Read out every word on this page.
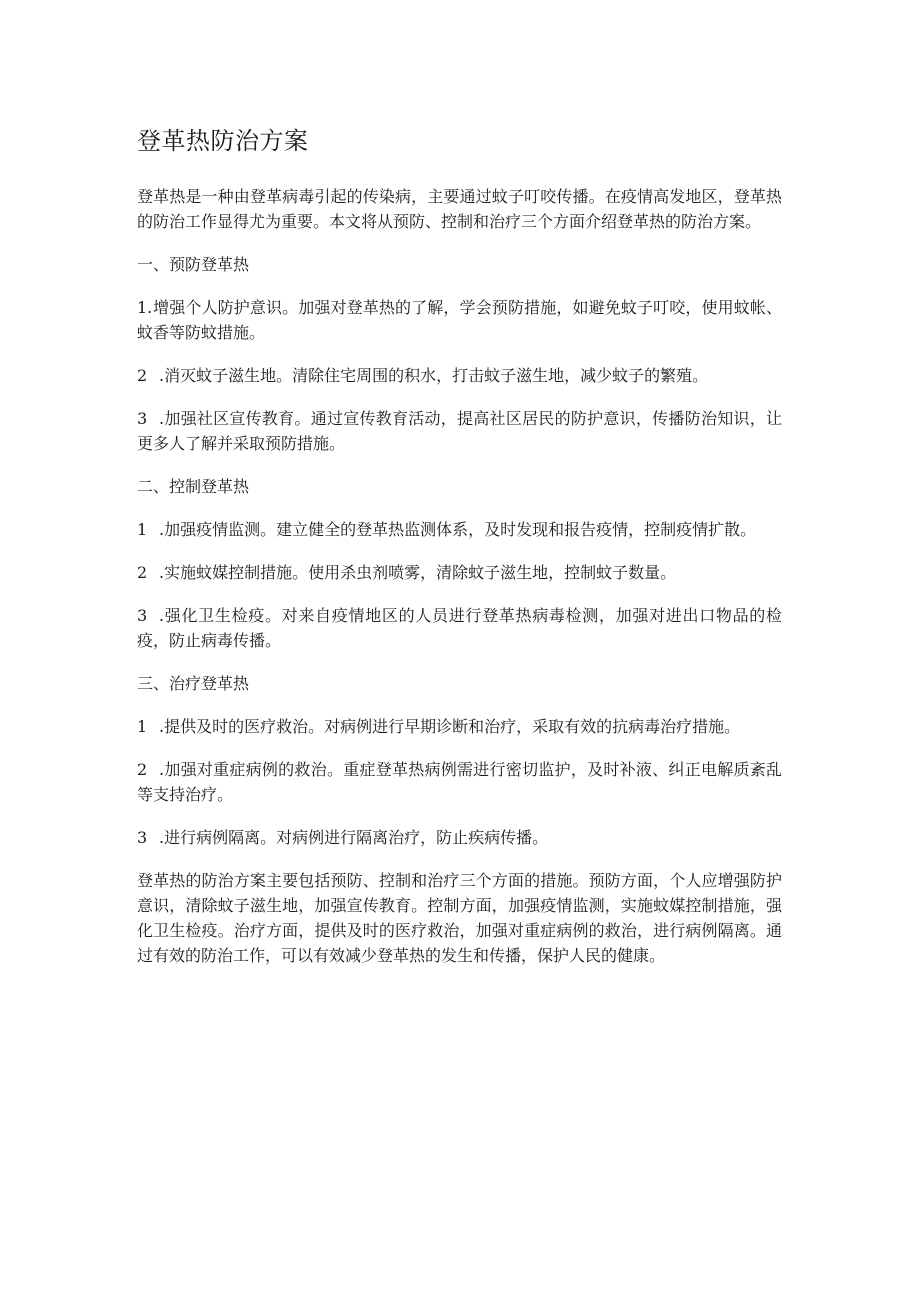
登革热防治方案

登革热是一种由登革病毒引起的传染病，主要通过蚊子叮咬传播。在疫情高发地区，登革热的防治工作显得尤为重要。本文将从预防、控制和治疗三个方面介绍登革热的防治方案。

一、预防登革热

1.增强个人防护意识。加强对登革热的了解，学会预防措施，如避免蚊子叮咬，使用蚊帐、蚊香等防蚊措施。

2 .消灭蚊子滋生地。清除住宅周围的积水，打击蚊子滋生地，减少蚊子的繁殖。

3 .加强社区宣传教育。通过宣传教育活动，提高社区居民的防护意识，传播防治知识，让更多人了解并采取预防措施。

二、控制登革热

1 .加强疫情监测。建立健全的登革热监测体系，及时发现和报告疫情，控制疫情扩散。

2 .实施蚊媒控制措施。使用杀虫剂喷雾，清除蚊子滋生地，控制蚊子数量。

3 .强化卫生检疫。对来自疫情地区的人员进行登革热病毒检测，加强对进出口物品的检疫，防止病毒传播。

三、治疗登革热

1 .提供及时的医疗救治。对病例进行早期诊断和治疗，采取有效的抗病毒治疗措施。

2 .加强对重症病例的救治。重症登革热病例需进行密切监护，及时补液、纠正电解质紊乱等支持治疗。

3 .进行病例隔离。对病例进行隔离治疗，防止疾病传播。

登革热的防治方案主要包括预防、控制和治疗三个方面的措施。预防方面，个人应增强防护意识，清除蚊子滋生地，加强宣传教育。控制方面，加强疫情监测，实施蚊媒控制措施，强化卫生检疫。治疗方面，提供及时的医疗救治，加强对重症病例的救治，进行病例隔离。通过有效的防治工作，可以有效减少登革热的发生和传播，保护人民的健康。
